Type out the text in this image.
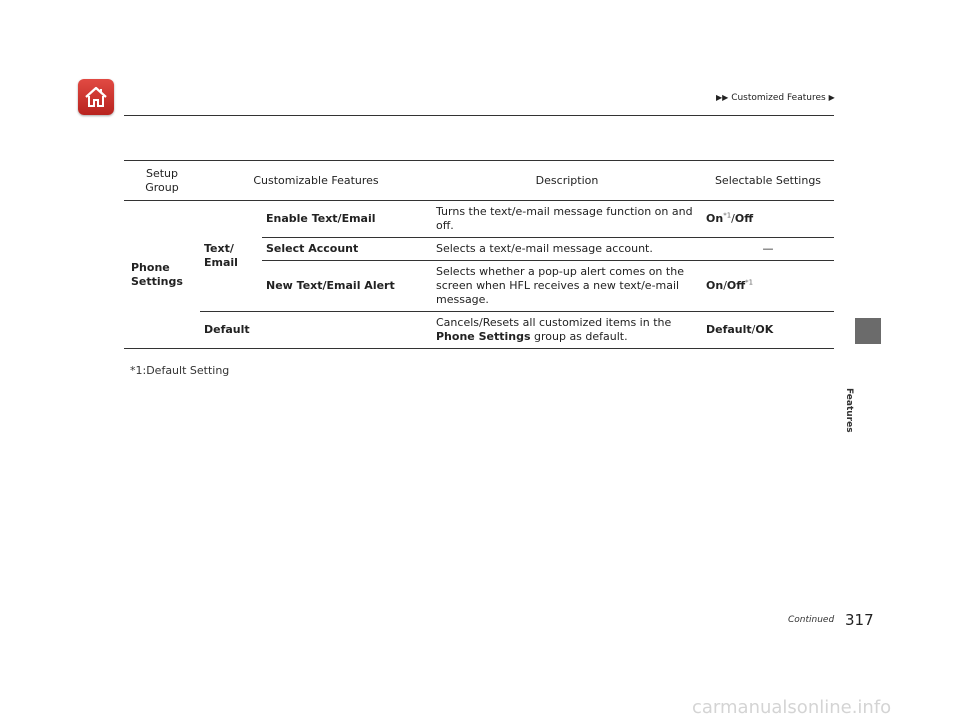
▶▶ Customized Features ▶
Features
Setup Group	Customizable Features		Description	Selectable Settings
Phone Settings	Text/ Email	Enable Text/Email	Turns the text/e-mail message function on and off.	On$^{*1}$/Off
		Select Account	Selects a text/e-mail message account.	—
		New Text/Email Alert	Selects whether a pop-up alert comes on the screen when HFL receives a new text/e-mail message.	On/Off$^{*1}$
	Default		Cancels/Resets all customized items in the Phone Settings group as default.	Default/OK
*1:Default Setting
Continued 317
carmanualsonline.info
